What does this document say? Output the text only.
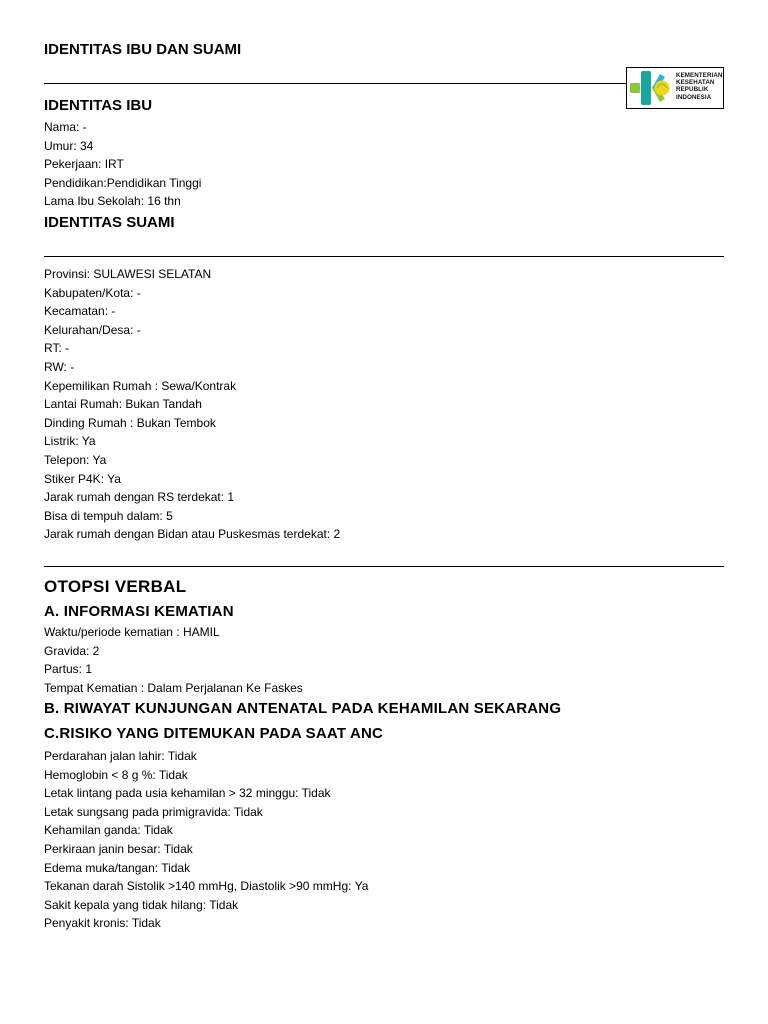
IDENTITAS IBU DAN SUAMI
KEMENTERIAN
KESEHATAN
REPUBLIK
INDONESIA
IDENTITAS IBU
Nama: -
Umur: 34
Pekerjaan: IRT
Pendidikan:Pendidikan Tinggi
Lama Ibu Sekolah: 16 thn
IDENTITAS SUAMI
Provinsi: SULAWESI SELATAN
Kabupaten/Kota: -
Kecamatan: -
Kelurahan/Desa: -
RT: -
RW: -
Kepemilikan Rumah : Sewa/Kontrak
Lantai Rumah: Bukan Tandah
Dinding Rumah : Bukan Tembok
Listrik: Ya
Telepon: Ya
Stiker P4K: Ya
Jarak rumah dengan RS terdekat: 1
Bisa di tempuh dalam: 5
Jarak rumah dengan Bidan atau Puskesmas terdekat: 2
OTOPSI VERBAL
A. INFORMASI KEMATIAN
Waktu/periode kematian : HAMIL
Gravida: 2
Partus: 1
Tempat Kematian : Dalam Perjalanan Ke Faskes
B. RIWAYAT KUNJUNGAN ANTENATAL PADA KEHAMILAN SEKARANG
C.RISIKO YANG DITEMUKAN PADA SAAT ANC
Perdarahan jalan lahir: Tidak
Hemoglobin < 8 g %: Tidak
Letak lintang pada usia kehamilan > 32 minggu: Tidak
Letak sungsang pada primigravida: Tidak
Kehamilan ganda: Tidak
Perkiraan janin besar: Tidak
Edema muka/tangan: Tidak
Tekanan darah Sistolik >140 mmHg, Diastolik >90 mmHg: Ya
Sakit kepala yang tidak hilang: Tidak
Penyakit kronis: Tidak
